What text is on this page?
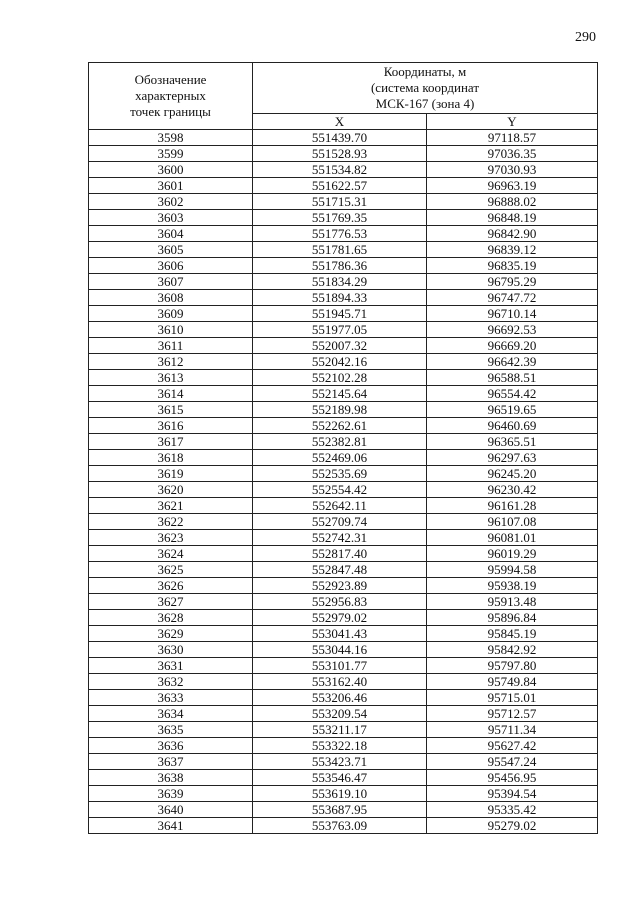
290
Обозначение
характерных
точек границы	Координаты, м
(система координат
МСК-167 (зона 4)	

	X	Y
3598	551439.70	97118.57
3599	551528.93	97036.35
3600	551534.82	97030.93
3601	551622.57	96963.19
3602	551715.31	96888.02
3603	551769.35	96848.19
3604	551776.53	96842.90
3605	551781.65	96839.12
3606	551786.36	96835.19
3607	551834.29	96795.29
3608	551894.33	96747.72
3609	551945.71	96710.14
3610	551977.05	96692.53
3611	552007.32	96669.20
3612	552042.16	96642.39
3613	552102.28	96588.51
3614	552145.64	96554.42
3615	552189.98	96519.65
3616	552262.61	96460.69
3617	552382.81	96365.51
3618	552469.06	96297.63
3619	552535.69	96245.20
3620	552554.42	96230.42
3621	552642.11	96161.28
3622	552709.74	96107.08
3623	552742.31	96081.01
3624	552817.40	96019.29
3625	552847.48	95994.58
3626	552923.89	95938.19
3627	552956.83	95913.48
3628	552979.02	95896.84
3629	553041.43	95845.19
3630	553044.16	95842.92
3631	553101.77	95797.80
3632	553162.40	95749.84
3633	553206.46	95715.01
3634	553209.54	95712.57
3635	553211.17	95711.34
3636	553322.18	95627.42
3637	553423.71	95547.24
3638	553546.47	95456.95
3639	553619.10	95394.54
3640	553687.95	95335.42
3641	553763.09	95279.02
